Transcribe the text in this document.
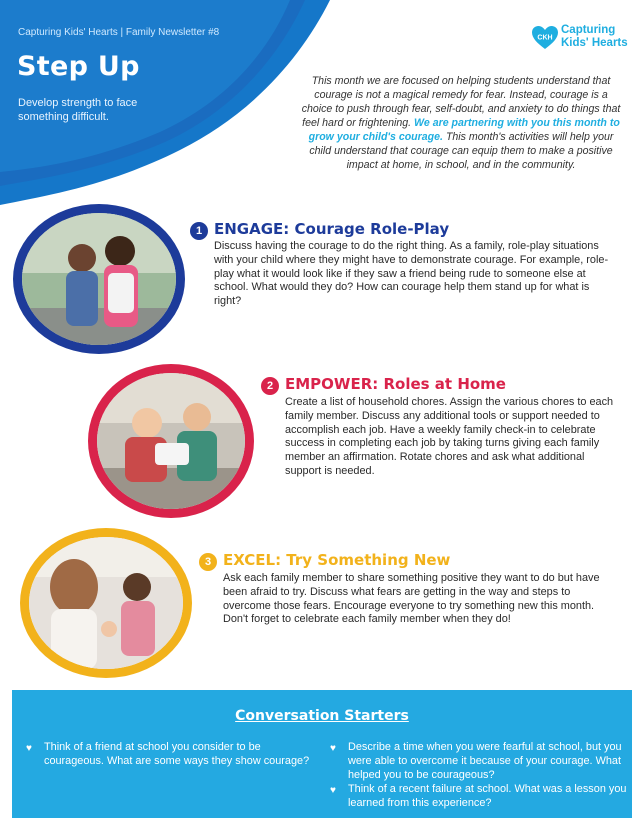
Capturing Kids' Hearts | Family Newsletter #8
Step Up
Develop strength to face something difficult.
CKH
Capturing
Kids' Hearts
This month we are focused on helping students understand that courage is not a magical remedy for fear. Instead, courage is a choice to push through fear, self-doubt, and anxiety to do things that feel hard or frightening. We are partnering with you this month to grow your child's courage. This month's activities will help your child understand that courage can equip them to make a positive impact at home, in school, and in the community.
1 ENGAGE: Courage Role-Play
Discuss having the courage to do the right thing. As a family, role-play situations with your child where they might have to demonstrate courage. For example, role-play what it would look like if they saw a friend being rude to someone else at school. What would they do? How can courage help them stand up for what is right?
2 EMPOWER: Roles at Home
Create a list of household chores. Assign the various chores to each family member. Discuss any additional tools or support needed to accomplish each job. Have a weekly family check-in to celebrate success in completing each job by taking turns giving each family member an affirmation. Rotate chores and ask what additional support is needed.
3 EXCEL: Try Something New
Ask each family member to share something positive they want to do but have been afraid to try. Discuss what fears are getting in the way and steps to overcome those fears. Encourage everyone to try something new this month. Don't forget to celebrate each family member when they do!
Conversation Starters
♥ Think of a friend at school you consider to be courageous. What are some ways they show courage?
♥ Describe a time when you were fearful at school, but you were able to overcome it because of your courage. What helped you to be courageous?
♥ Think of a recent failure at school. What was a lesson you learned from this experience?
